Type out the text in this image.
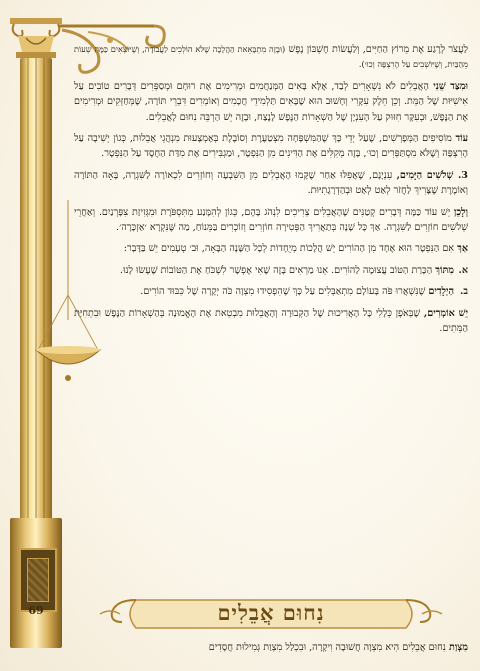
69

לַעֲצֹר לְרֶגַע אֶת מֵרוֹץ הַחַיִּים, וְלַעֲשׂוֹת חֶשְׁבּוֹן נֶפֶשׁ (וּבָזֶה מִתְבָּאֵאת הַהֲלָכָה שֶׁלֹּא הוֹלְכִים לַעֲבוֹדָה, וְשֶׁיּוֹצְאִים כַּמָּה שְׁעוֹת מֵהַבַּיִת, וְשֶׁיּוֹשְׁבִים עַל הָרִצְפָּה וְכוּ׳).

וּמִצַּד שֵׁנִי הָאֲבֵלִים לֹא נִשְׁאָרִים לְבַד, אֶלָּא בָּאִים הַמְּנַחֲמִים וּמְרִימִים אֶת רוּחָם וּמְסַפְּרִים דְּבָרִים טוֹבִים עַל אִישִׁיּוּת שֶׁל הַמֵּת. וְכֵן חֵלֶק עִקָּרִי וְחָשׁוּב הוּא שֶׁבָּאִים תַּלְמִידֵי חֲכָמִים וְאוֹמְרִים דִּבְרֵי תּוֹרָה, שֶׁמְּחַזְּקִים וּמְרִימִים אֶת הַנֶּפֶשׁ, וּבְעִקָּר חִזּוּק עַל הָעִנְיָן שֶׁל הַשְׁאָרוֹת הַנֶּפֶשׁ לָנֶצַח, וּבָזֶה יֵשׁ הַרְבֵּה נִחוּם לָאֲבֵלִים.

עוֹד מוֹסִיפִים הַמְּפָרְשִׁים, שֶׁעַל יְדֵי כָּךְ שֶׁהַמִּשְׁפָּחָה מִצְטַעֶרֶת וְסוֹבֶלֶת בְּאֶמְצָעוּת מִנְהֲגֵי אֲבֵלוּת, כְּגוֹן יְשִׁיבָה עַל הָרִצְפָּה וְשֶׁלֹּא מִסְתַּפְּרִים וְכוּ׳, בָּזֶה מְקִלִּים אֶת הַדִּינִים מִן הַנִּפְטָר, וּמַגְבִּירִים אֶת מִדַּת הַחֶסֶד עַל הַנִּפְטָר.

3. שְׁלֹשִׁים הַיָּמִים, עִנְיָנָם, שֶׁאֲפִלּוּ אַחַר שֶׁקָּמוּ הָאֲבֵלִים מִן הַשִּׁבְעָה וְחוֹזְרִים לִכְאוֹרָה לַשִּׁגְרָה, בָּאָה הַתּוֹרָה וְאוֹמֶרֶת שֶׁצָּרִיךְ לַחֲזֹר לְאַט לְאַט וּבְהַדְרָגָתִיּוּת.

וְלָכֵן יֵשׁ עוֹד כַּמָּה דְּבָרִים קְטַנִּים שֶׁהָאֲבֵלִים צְרִיכִים לִנְהֹג בָּהֶם, כְּגוֹן לְהִמָּנַע מִתִּסְפֹּרֶת וּמִגְּזִיזַת צִפָּרְנַיִם. וְאַחֲרֵי שְׁלֹשִׁים חוֹזְרִים לַשִּׁגְרָה. אַךְ כָּל שָׁנָה בְּתַאֲרִיךְ הַפְּטִירָה חוֹזְרִים וְזוֹכְרִים בַּמֵּנוֹחַ, מַה שֶּׁנִּקְרָא ׳אַזְכָּרָה׳.

אַךְ אִם הַנִּפְטָר הוּא אֶחָד מִן הַהוֹרִים יֵשׁ הֲלָכוֹת מְיֻחָדוֹת לְכָל הַשָּׁנָה הַבָּאָה, וּב׳ טְעָמִים יֵשׁ בַּדָּבָר:

א.
מִתּוֹךְ הַכָּרַת הַטּוֹב עֲצוּמָה לַהוֹרִים. אֵנוּ מַרְאִים בָּזֶה שֶׁאִי אֶפְשָׁר לִשְׁכֹּחַ אֶת הַטּוֹבוֹת שֶׁעָשׂוּ לָנוּ.

ב.
הַיְלָדִים שֶׁנִּשְׁאֲרוּ פֹּה בָּעוֹלָם מִתְאַבְּלִים עַל כָּךְ שֶׁהִפְסִידוּ מִצְוָה כֹּה יְקָרָה שֶׁל כִּבּוּד הוֹרִים.

יֵשׁ אוֹמְרִים, שֶׁבְּאֹפֶן כְּלָלִי כָּל הָאֲרִיכוּת שֶׁל הַקְּבוּרָה וְהָאֲבֵלוּת מִבְטֵאת אֶת הָאֱמוּנָה בְּהַשְׁאָרוֹת הַנֶּפֶשׁ וּבִתְחִיַּת הַמֵּתִים.

נִחוּם אֲבֵלִים
מִצְוַת נִחוּם אֲבֵלִים הִיא מִצְוָה חֲשׁוּבָה וִיקָרָה, וּבִכְלַל מִצְוַת גְּמִילוּת חֲסָדִים
